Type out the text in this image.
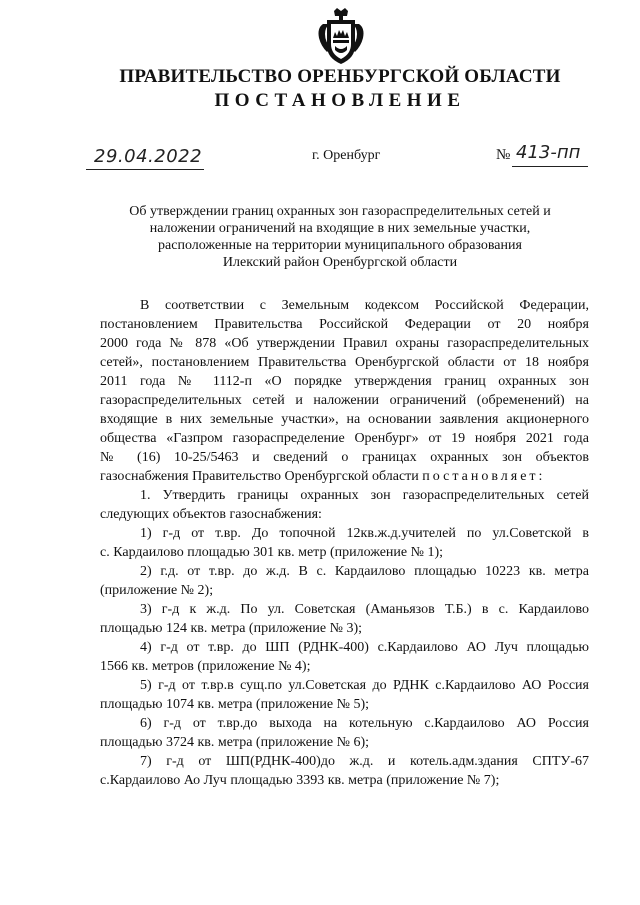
ПРАВИТЕЛЬСТВО ОРЕНБУРГСКОЙ ОБЛАСТИ
ПОСТАНОВЛЕНИЕ
29.04.2022	г. Оренбург	№ 413-пп
Об утверждении границ охранных зон газораспределительных сетей и
наложении ограничений на входящие в них земельные участки,
расположенные на территории муниципального образования
Илекский район Оренбургской области
В соответствии с Земельным кодексом Российской Федерации,
постановлением Правительства Российской Федерации от 20 ноября
2000 года № 878 «Об утверждении Правил охраны газораспределительных
сетей», постановлением Правительства Оренбургской области от 18 ноября
2011 года № 1112-п «О порядке утверждения границ охранных зон
газораспределительных сетей и наложении ограничений (обременений) на
входящие в них земельные участки», на основании заявления акционерного
общества «Газпром газораспределение Оренбург» от 19 ноября 2021 года
№ (16) 10-25/5463 и сведений о границах охранных зон объектов
газоснабжения Правительство Оренбургской области постановляет:
1. Утвердить границы охранных зон газораспределительных сетей
следующих объектов газоснабжения:
1) г-д от т.вр. До топочной 12кв.ж.д.учителей по ул.Советской в
с. Кардаилово площадью 301 кв. метр (приложение № 1);
2) г.д. от т.вр. до ж.д. В с. Кардаилово площадью 10223 кв. метра
(приложение № 2);
3) г-д к ж.д. По ул. Советская (Аманьязов Т.Б.) в с. Кардаилово
площадью 124 кв. метра (приложение № 3);
4) г-д от т.вр. до ШП (РДНК-400) с.Кардаилово АО Луч площадью
1566 кв. метров (приложение № 4);
5) г-д от т.вр.в сущ.по ул.Советская до РДНК с.Кардаилово АО Россия
площадью 1074 кв. метра (приложение № 5);
6) г-д от т.вр.до выхода на котельную с.Кардаилово АО Россия
площадью 3724 кв. метра (приложение № 6);
7) г-д от ШП(РДНК-400)до ж.д. и котель.адм.здания СПТУ-67
с.Кардаилово Ао Луч площадью 3393 кв. метра (приложение № 7);
